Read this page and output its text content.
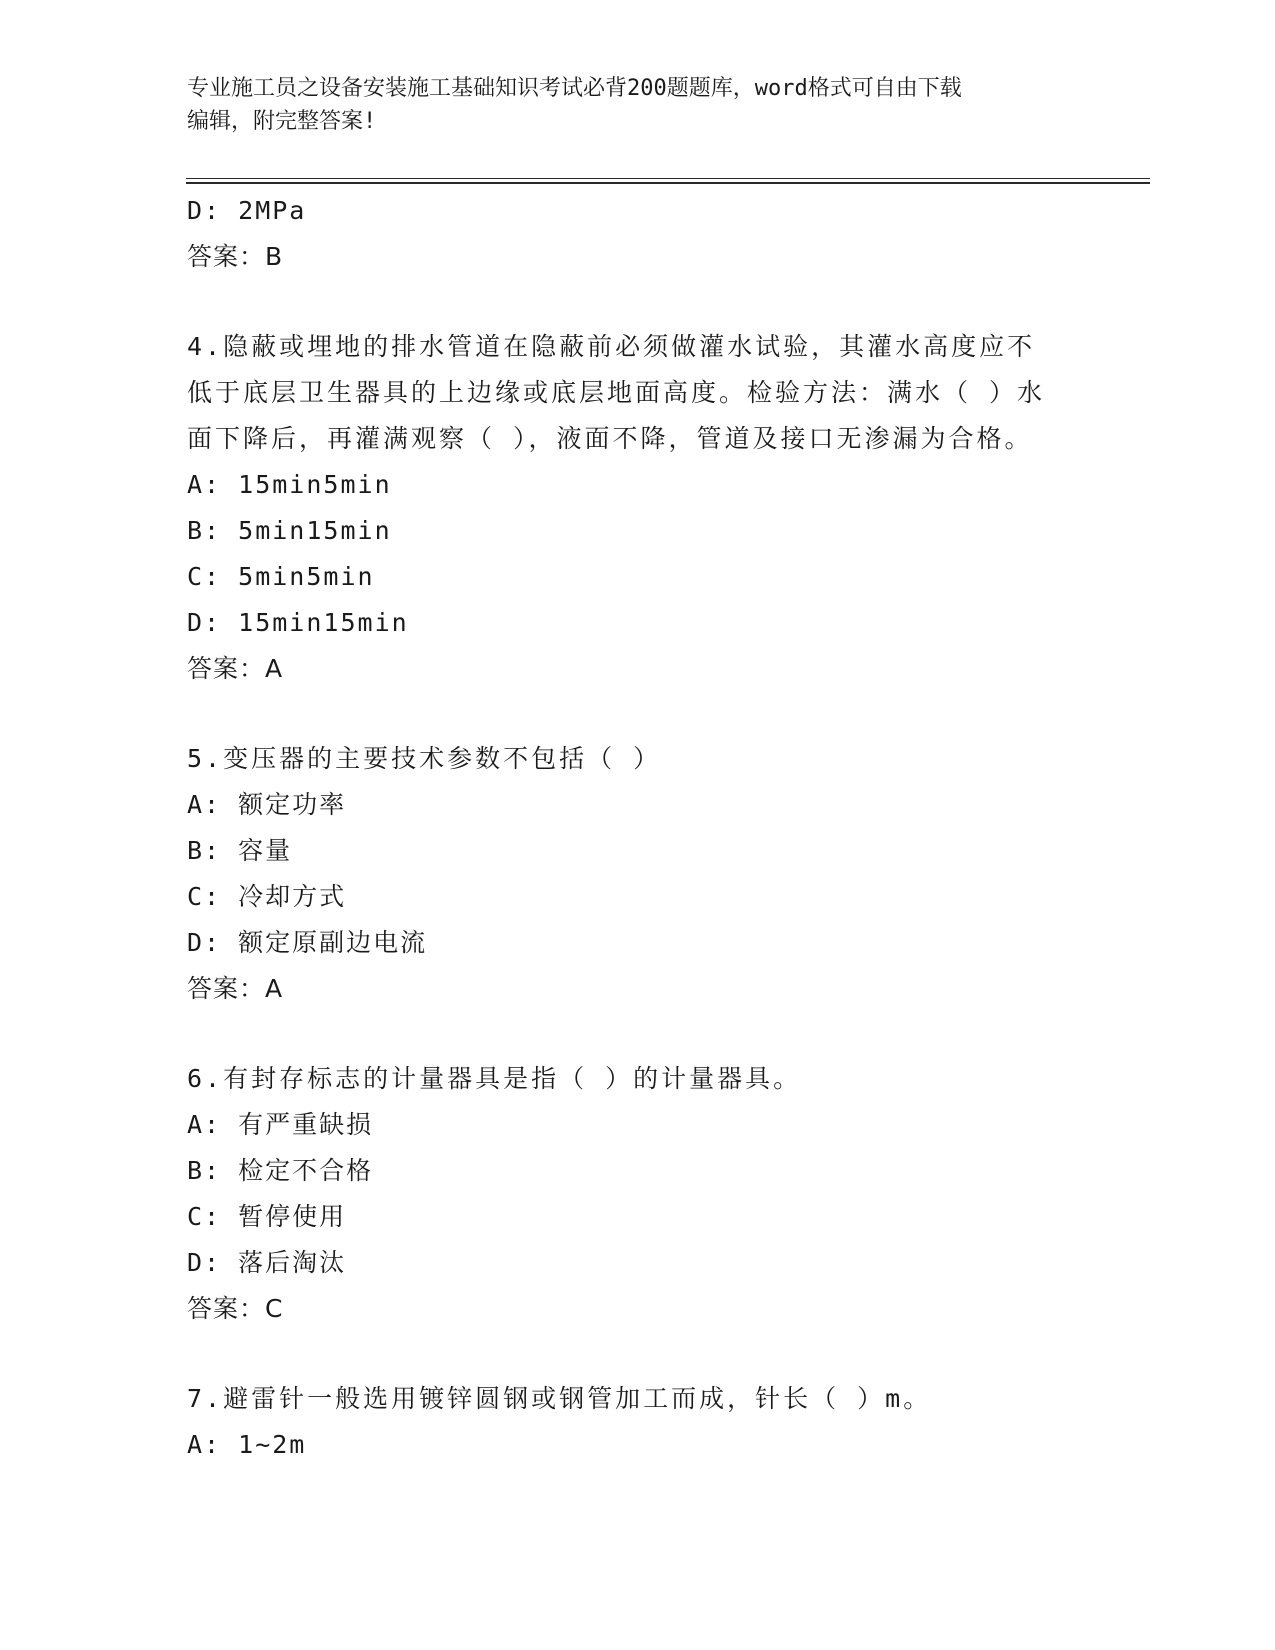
专业施工员之设备安装施工基础知识考试必背200题题库，word格式可自由下载
编辑，附完整答案!
D: 2MPa
答案：B
4.隐蔽或埋地的排水管道在隐蔽前必须做灌水试验，其灌水高度应不
低于底层卫生器具的上边缘或底层地面高度。检验方法：满水（ ）水
面下降后，再灌满观察（ ），液面不降，管道及接口无渗漏为合格。
A: 15min5min
B: 5min15min
C: 5min5min
D: 15min15min
答案：A
5.变压器的主要技术参数不包括（ ）
A: 额定功率
B: 容量
C: 冷却方式
D: 额定原副边电流
答案：A
6.有封存标志的计量器具是指（ ）的计量器具。
A: 有严重缺损
B: 检定不合格
C: 暂停使用
D: 落后淘汰
答案：C
7.避雷针一般选用镀锌圆钢或钢管加工而成，针长（ ）m。
A: 1~2m
